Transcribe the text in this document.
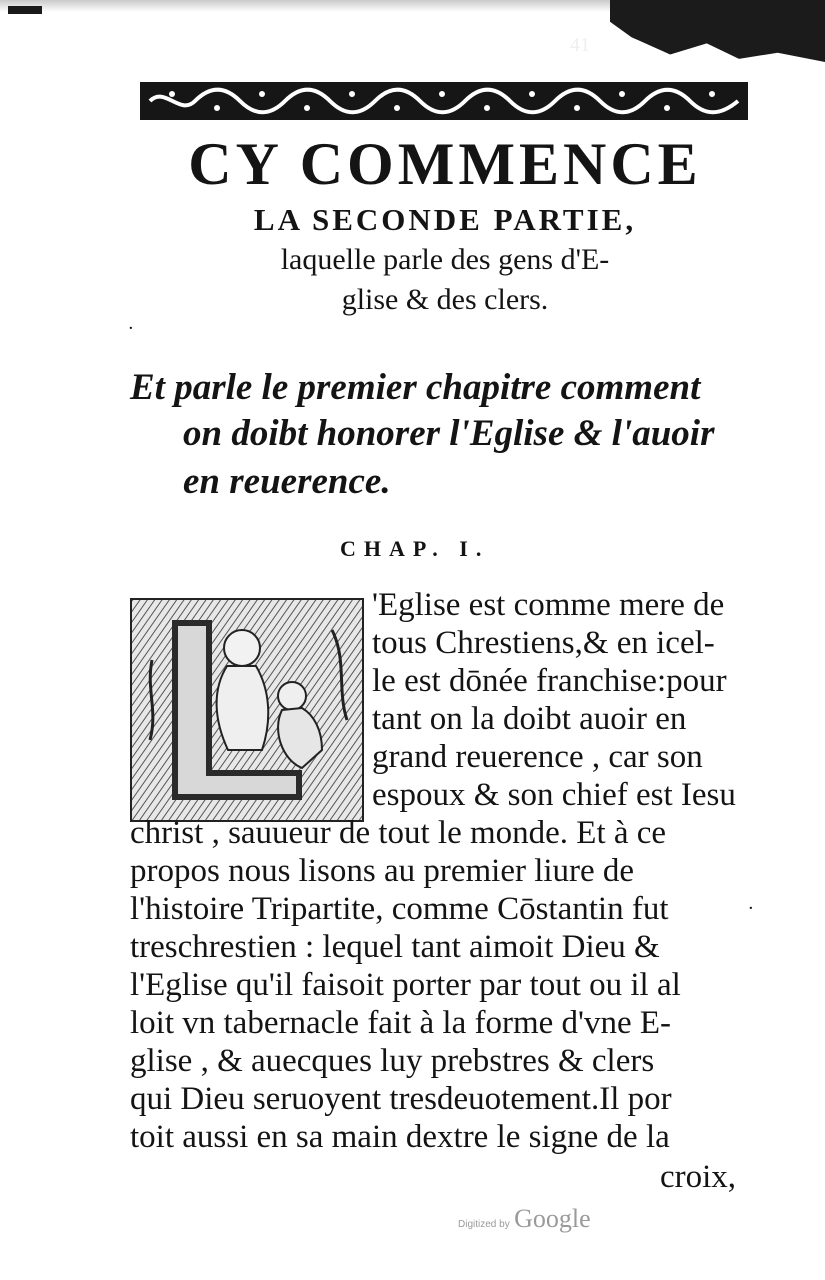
41
CY COMMENCE
LA SECONDE PARTIE,
laquelle parle des gens d'E-
glise & des clers.
·
Et parle le premier chapitre comment
on doibt honorer l'Eglise & l'auoir
en reuerence.
CHAP. I.
'Eglise est comme mere de
tous Chrestiens,& en icel-
le est dōnée franchise:pour
tant on la doibt auoir en
grand reuerence , car son
espoux & son chief est Iesu
christ , sauueur de tout le monde. Et à ce
propos nous lisons au premier liure de
l'histoire Tripartite, comme Cōstantin fut
treschrestien : lequel tant aimoit Dieu &
l'Eglise qu'il faisoit porter par tout ou il al
loit vn tabernacle fait à la forme d'vne E-
glise , & auecques luy prebstres & clers
qui Dieu seruoyent tresdeuotement.Il por
toit aussi en sa main dextre le signe de la
croix,
·
Digitized by Google
